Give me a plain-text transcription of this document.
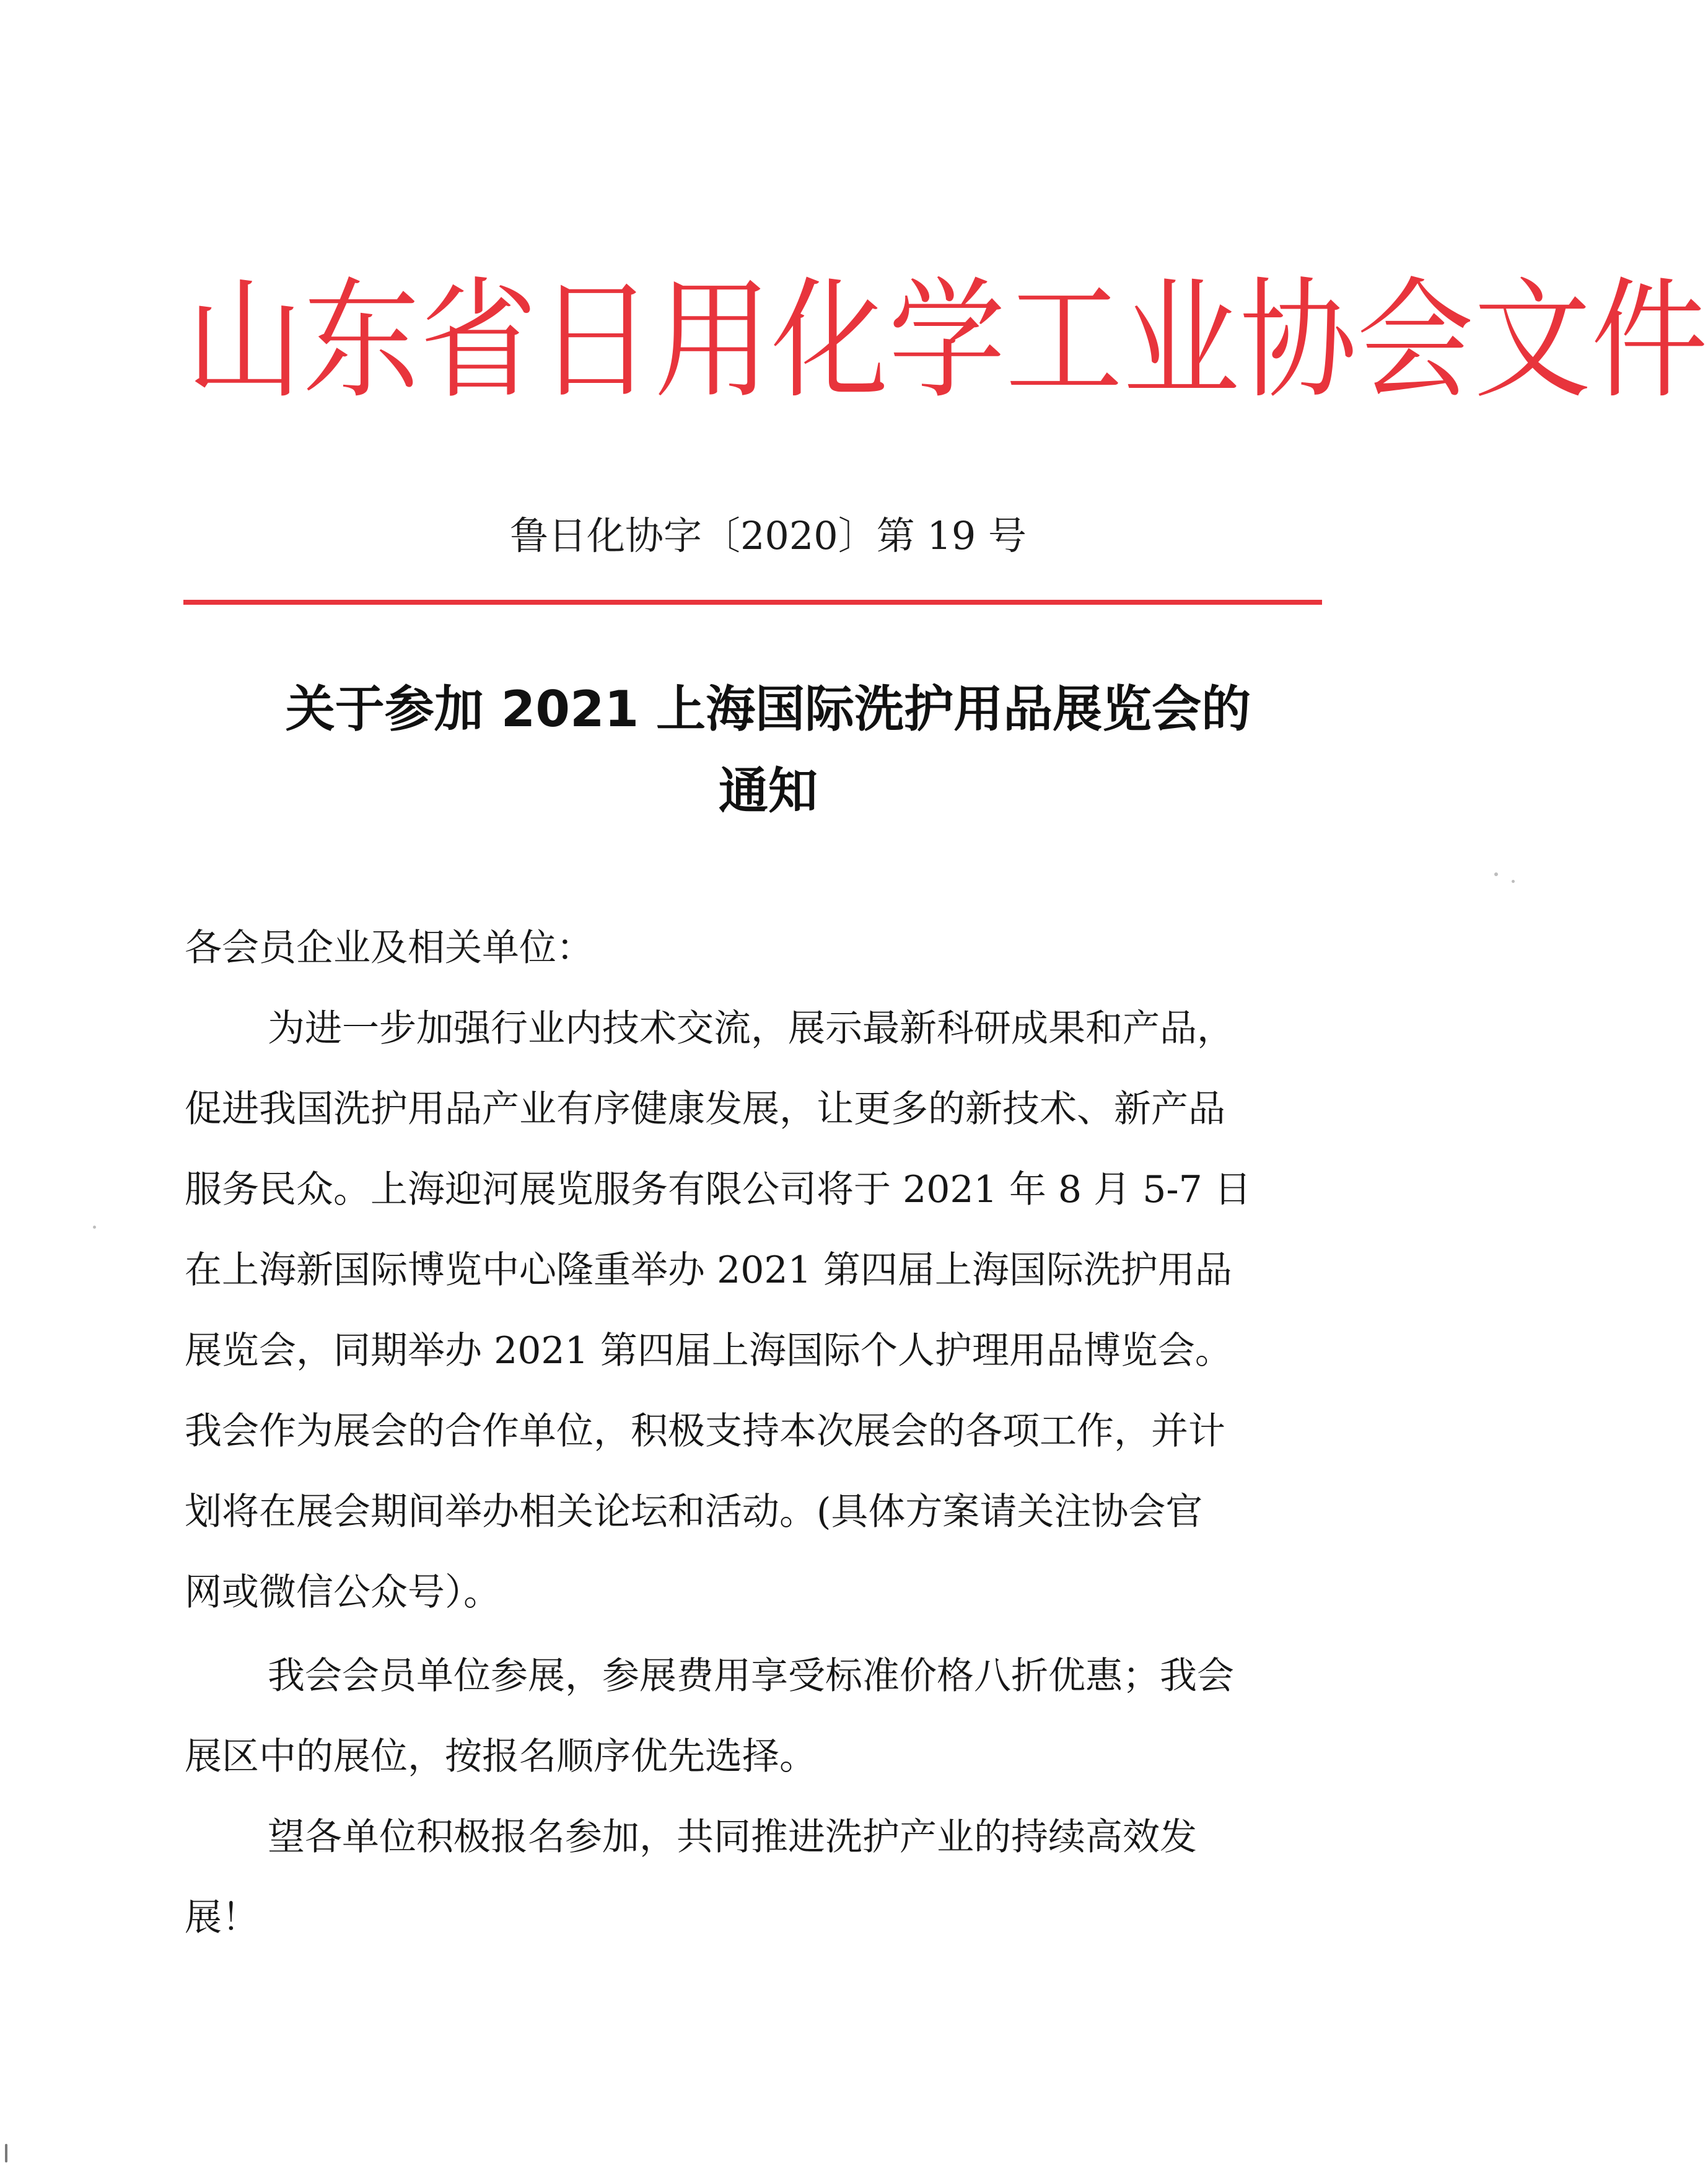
山东省日用化学工业协会文件
鲁日化协字〔2020〕第 19 号
关于参加 2021 上海国际洗护用品展览会的
通知
各会员企业及相关单位：
为进一步加强行业内技术交流，展示最新科研成果和产品，
促进我国洗护用品产业有序健康发展，让更多的新技术、新产品
服务民众。上海迎河展览服务有限公司将于 2021 年 8 月 5-7 日
在上海新国际博览中心隆重举办 2021 第四届上海国际洗护用品
展览会，同期举办 2021 第四届上海国际个人护理用品博览会。
我会作为展会的合作单位，积极支持本次展会的各项工作，并计
划将在展会期间举办相关论坛和活动。(具体方案请关注协会官
网或微信公众号）。
我会会员单位参展，参展费用享受标准价格八折优惠；我会
展区中的展位，按报名顺序优先选择。
望各单位积极报名参加，共同推进洗护产业的持续高效发
展！
